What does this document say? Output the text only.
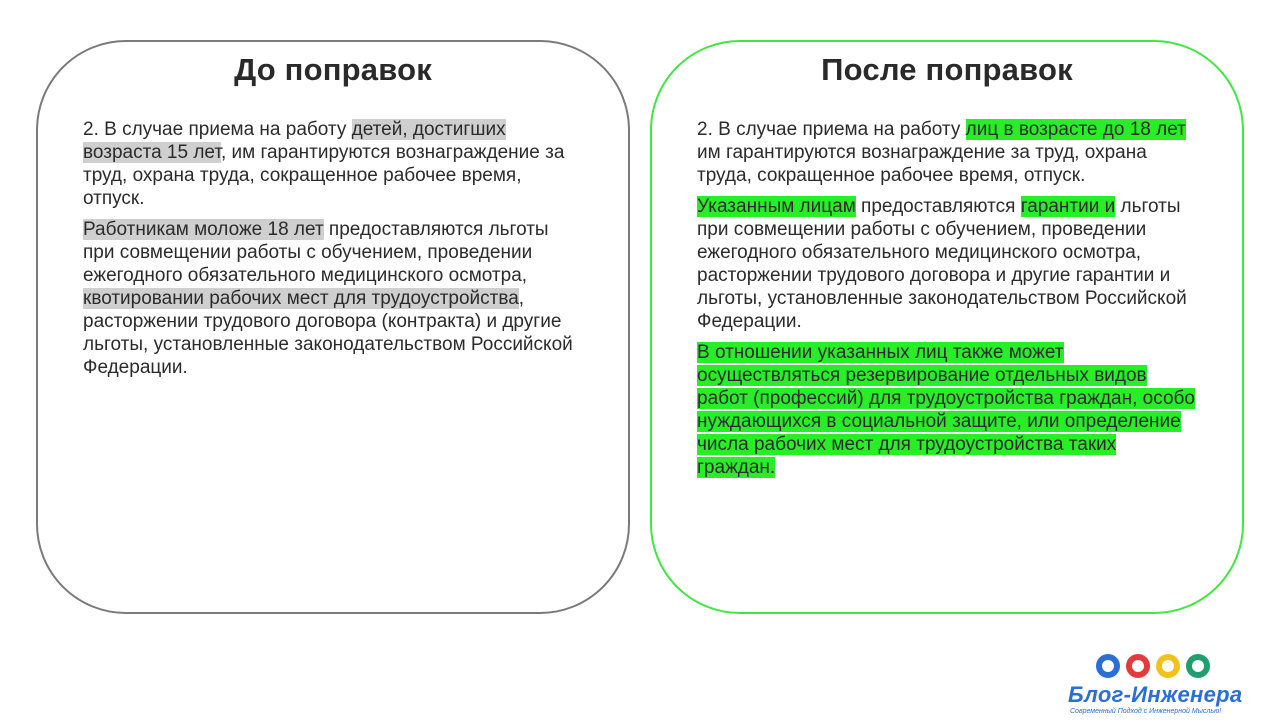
До поправок

2. В случае приема на работу детей, достигших возраста 15 лет, им гарантируются вознаграждение за труд, охрана труда, сокращенное рабочее время, отпуск.

Работникам моложе 18 лет предоставляются льготы при совмещении работы с обучением, проведении ежегодного обязательного медицинского осмотра, квотировании рабочих мест для трудоустройства, расторжении трудового договора (контракта) и другие льготы, установленные законодательством Российской Федерации.

После поправок

2. В случае приема на работу лиц в возрасте до 18 лет им гарантируются вознаграждение за труд, охрана труда, сокращенное рабочее время, отпуск.

Указанным лицам предоставляются гарантии и льготы при совмещении работы с обучением, проведении ежегодного обязательного медицинского осмотра, расторжении трудового договора и другие гарантии и льготы, установленные законодательством Российской Федерации.

В отношении указанных лиц также может осуществляться резервирование отдельных видов работ (профессий) для трудоустройства граждан, особо нуждающихся в социальной защите, или определение числа рабочих мест для трудоустройства таких граждан.

Блог-Инженера
Современный Подход с Инженерной Мыслью!
